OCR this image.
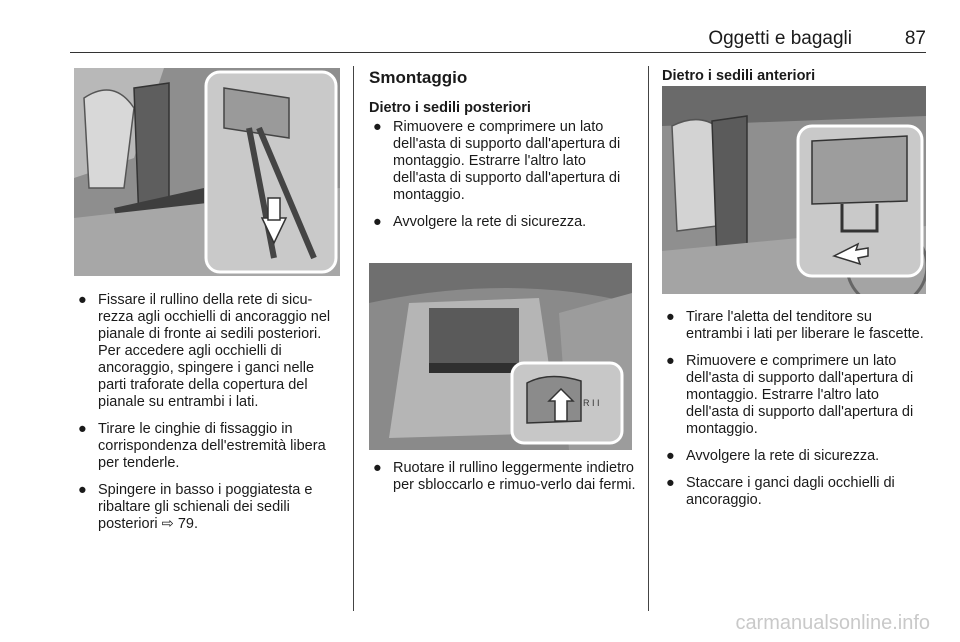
Oggetti e bagagli	87
● Fissare il rullino della rete di sicu-rezza agli occhielli di ancoraggio nel pianale di fronte ai sedili posteriori. Per accedere agli occhielli di ancoraggio, spingere i ganci nelle parti traforate della copertura del pianale su entrambi i lati.
● Tirare le cinghie di fissaggio in corrispondenza dell'estremità libera per tenderle.
● Spingere in basso i poggiatesta e ribaltare gli schienali dei sedili posteriori ⇨ 79.
Smontaggio
Dietro i sedili posteriori
● Rimuovere e comprimere un lato dell'asta di supporto dall'apertura di montaggio. Estrarre l'altro lato dell'asta di supporto dall'apertura di montaggio.
● Avvolgere la rete di sicurezza.
R I I
● Ruotare il rullino leggermente indietro per sbloccarlo e rimuo-verlo dai fermi.
Dietro i sedili anteriori
● Tirare l'aletta del tenditore su entrambi i lati per liberare le fascette.
● Rimuovere e comprimere un lato dell'asta di supporto dall'apertura di montaggio. Estrarre l'altro lato dell'asta di supporto dall'apertura di montaggio.
● Avvolgere la rete di sicurezza.
● Staccare i ganci dagli occhielli di ancoraggio.
carmanualsonline.info
